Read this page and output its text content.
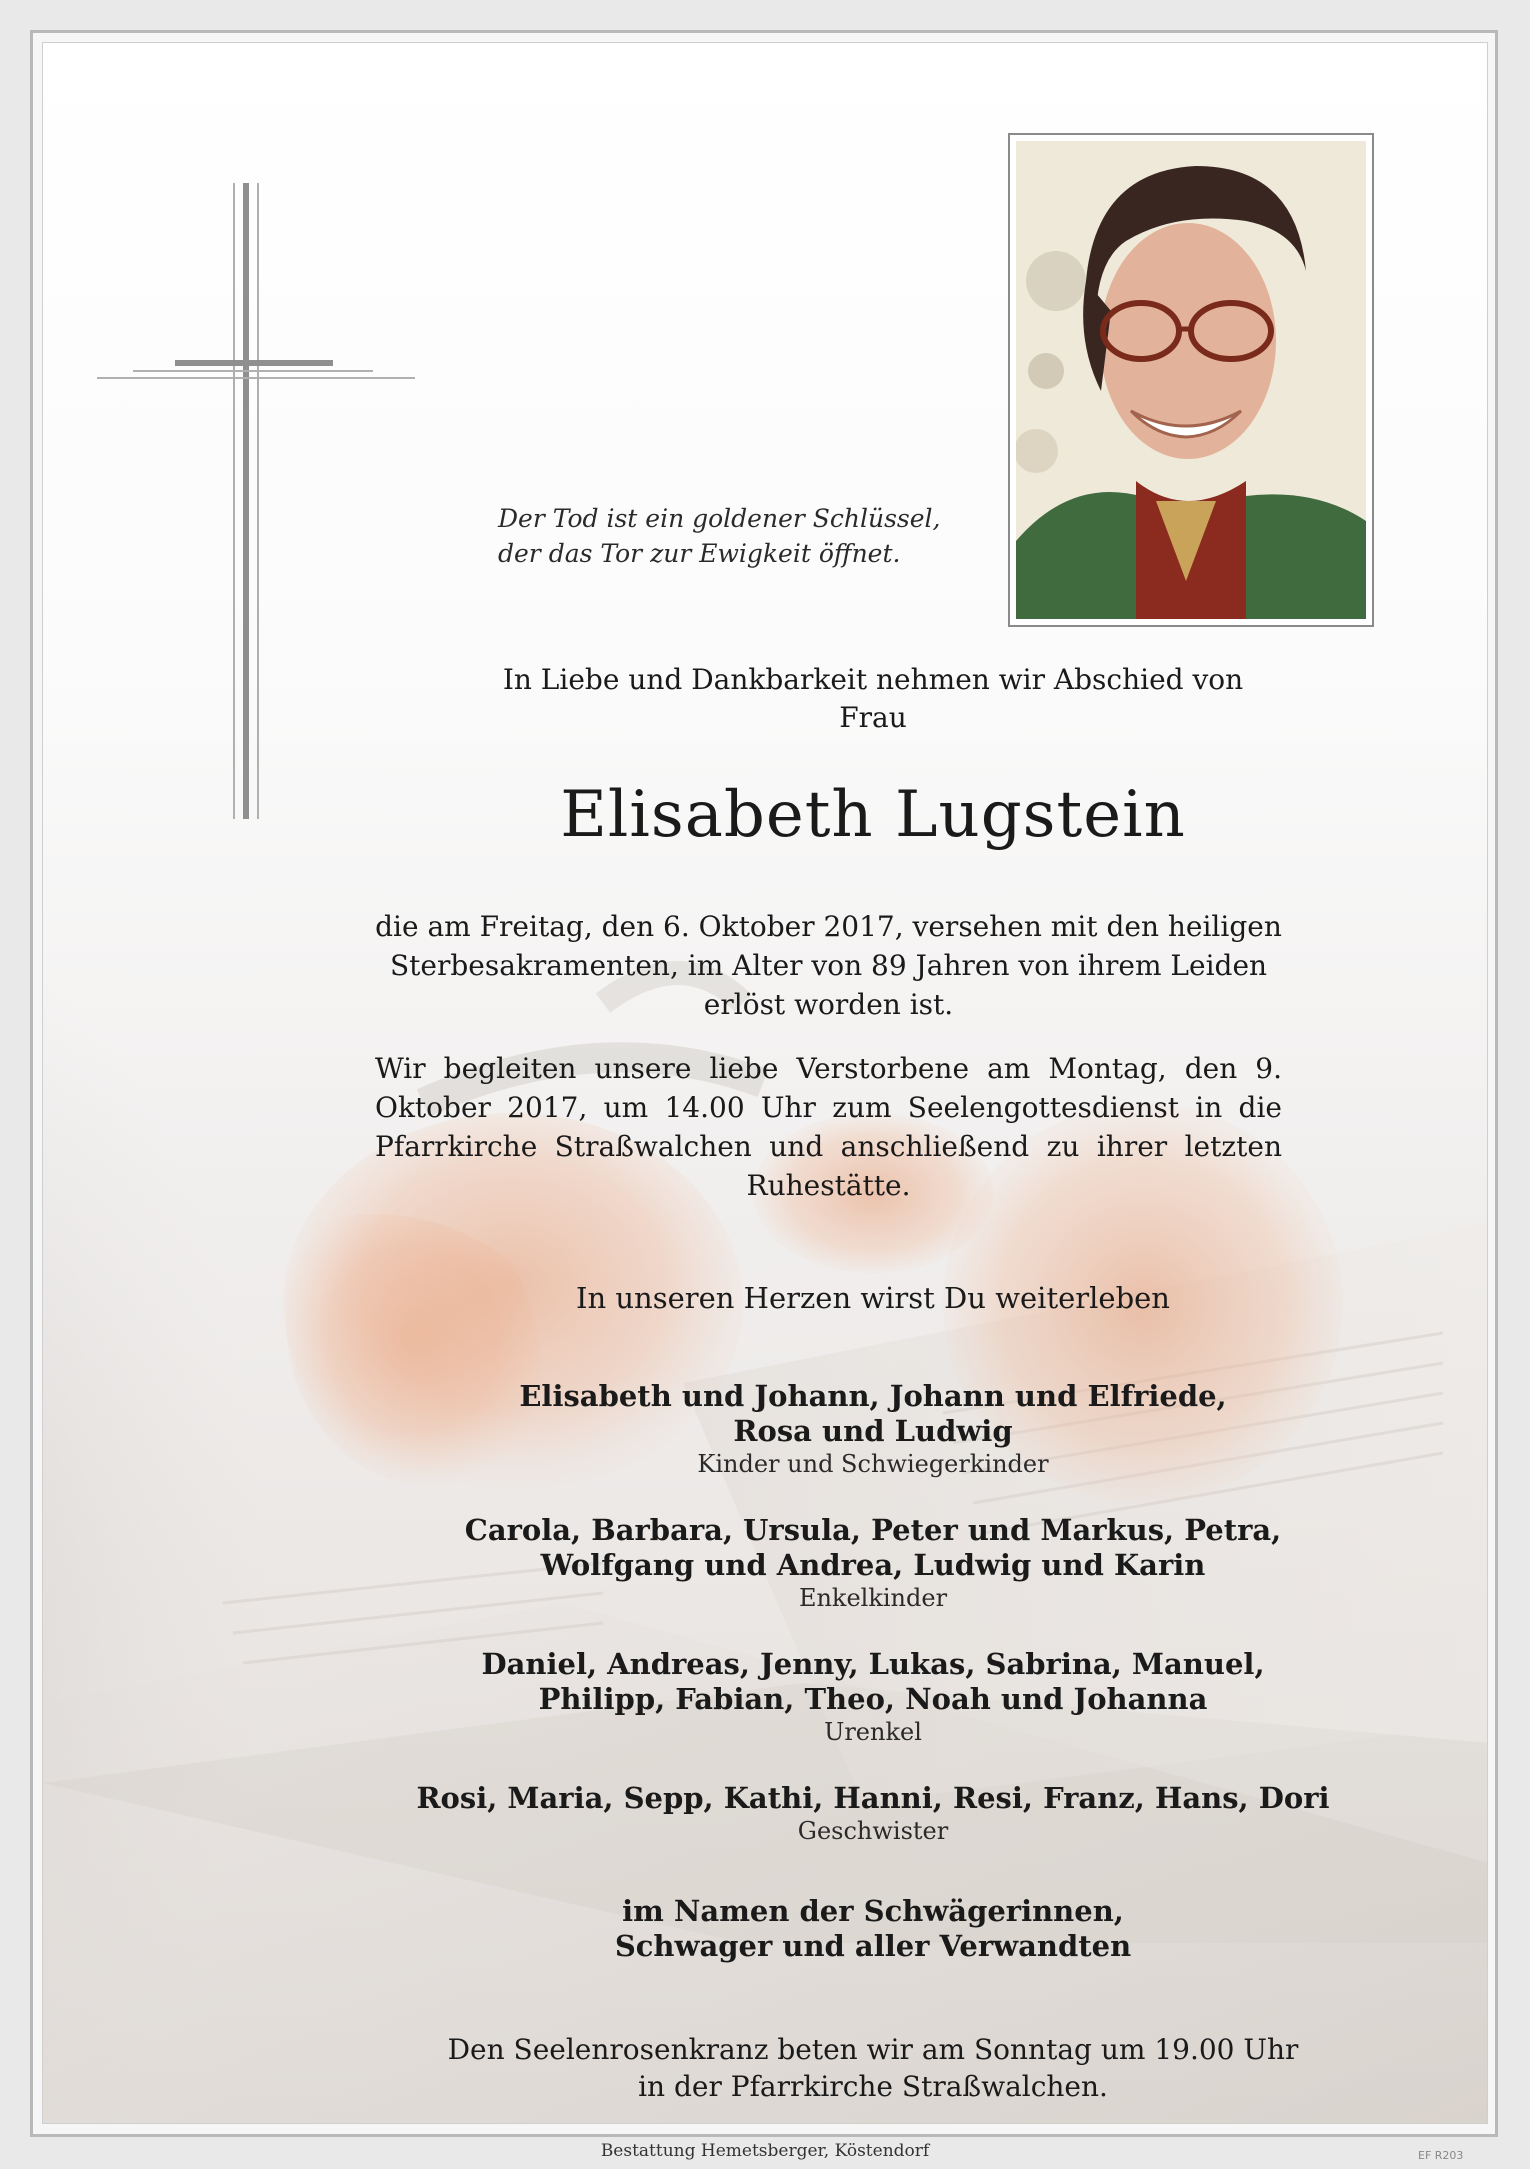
Der Tod ist ein goldener Schlüssel,
der das Tor zur Ewigkeit öffnet.
In Liebe und Dankbarkeit nehmen wir Abschied von
Frau
Elisabeth Lugstein
die am Freitag, den 6. Oktober 2017, versehen mit den heiligen
Sterbesakramenten, im Alter von 89 Jahren von ihrem Leiden
erlöst worden ist.
Wir begleiten unsere liebe Verstorbene am Montag, den 9. Oktober 2017, um 14.00 Uhr zum Seelengottesdienst in die Pfarrkirche Straßwalchen und anschließend zu ihrer letzten Ruhestätte.
In unseren Herzen wirst Du weiterleben
Elisabeth und Johann, Johann und Elfriede,
Rosa und Ludwig
Kinder und Schwiegerkinder
Carola, Barbara, Ursula, Peter und Markus, Petra,
Wolfgang und Andrea, Ludwig und Karin
Enkelkinder
Daniel, Andreas, Jenny, Lukas, Sabrina, Manuel,
Philipp, Fabian, Theo, Noah und Johanna
Urenkel
Rosi, Maria, Sepp, Kathi, Hanni, Resi, Franz, Hans, Dori
Geschwister
im Namen der Schwägerinnen,
Schwager und aller Verwandten
Den Seelenrosenkranz beten wir am Sonntag um 19.00 Uhr
in der Pfarrkirche Straßwalchen.
Bestattung Hemetsberger, Köstendorf	EF R203
